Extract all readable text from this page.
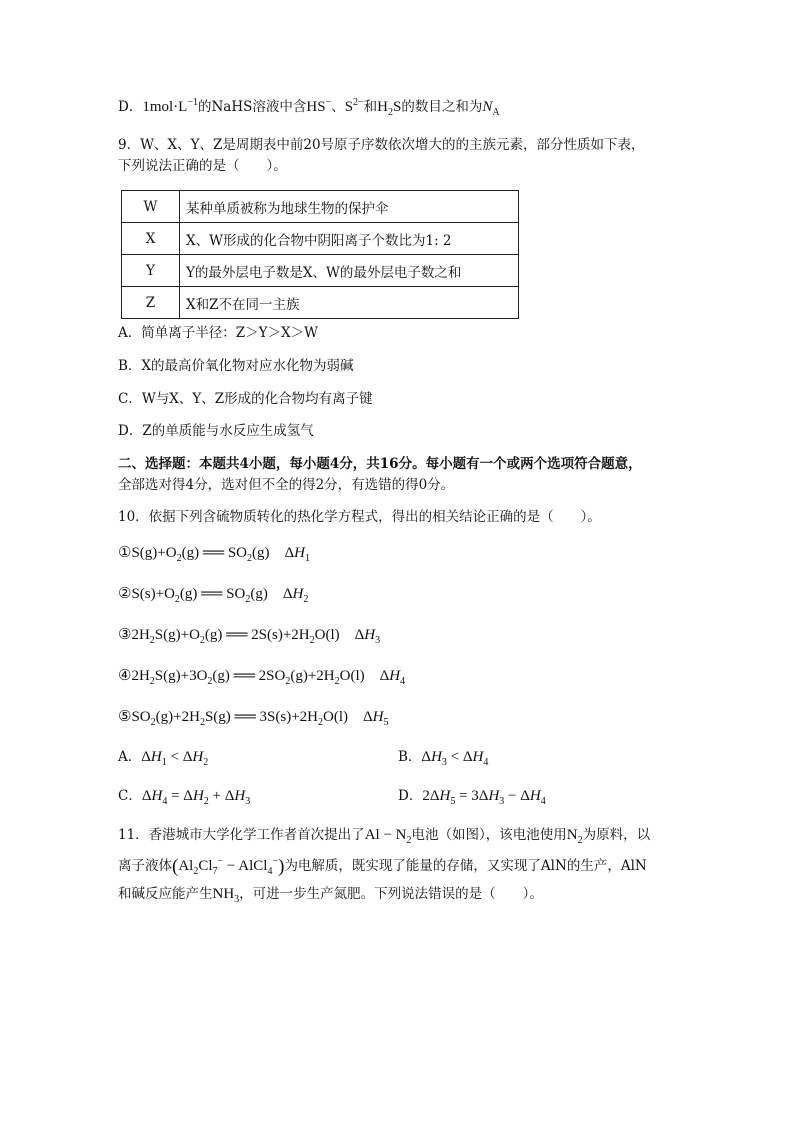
D．$1mol\cdot L^{-1}$的NaHS溶液中含HS−、$S^{2-}$和$H_2S$的数目之和为$N_A$
9．W、X、Y、Z是周期表中前20号原子序数依次增大的的主族元素，部分性质如下表，
下列说法正确的是（　　）。
W	某种单质被称为地球生物的保护伞
X	X、W形成的化合物中阴阳离子个数比为1: 2
Y	Y的最外层电子数是X、W的最外层电子数之和
Z	X和Z不在同一主族
A．简单离子半径：Z＞Y＞X＞W
B．X的最高价氧化物对应水化物为弱碱
C．W与X、Y、Z形成的化合物均有离子键
D．Z的单质能与水反应生成氢气
二、选择题：本题共4小题，每小题4分，共16分。每小题有一个或两个选项符合题意，
全部选对得4分，选对但不全的得2分，有选错的得0分。
10．依据下列含硫物质转化的热化学方程式，得出的相关结论正确的是（　　）。
$①S(g)+O_2(g)$ ══ $SO_2(g)$    $\Delta H_1$
$②S(s)+O_2(g)$ ══ $SO_2(g)$    $\Delta H_2$
$③2H_2S(g)+O_2(g)$ ══ $2S(s)+2H_2O(l)$    $\Delta H_3$
$④2H_2S(g)+3O_2(g)$ ══ $2SO_2(g)+2H_2O(l)$    $\Delta H_4$
$⑤SO_2(g)+2H_2S(g)$ ══ $3S(s)+2H_2O(l)$    $\Delta H_5$
A．$\Delta H_1 < \Delta H_2$	B．$\Delta H_3 < \Delta H_4$
C．$\Delta H_4 = \Delta H_2 + \Delta H_3$	D．$2\Delta H_5 = 3\Delta H_3 - \Delta H_4$
11．香港城市大学化学工作者首次提出了$Al - N_2$电池（如图），该电池使用$N_2$为原料，以
离子液体($Al_2Cl_7^-$ − AlCl$_4$−)为电解质，既实现了能量的存储，又实现了AlN的生产，AlN
和碱反应能产生$NH_3$，可进一步生产氮肥。下列说法错误的是（　　）。
